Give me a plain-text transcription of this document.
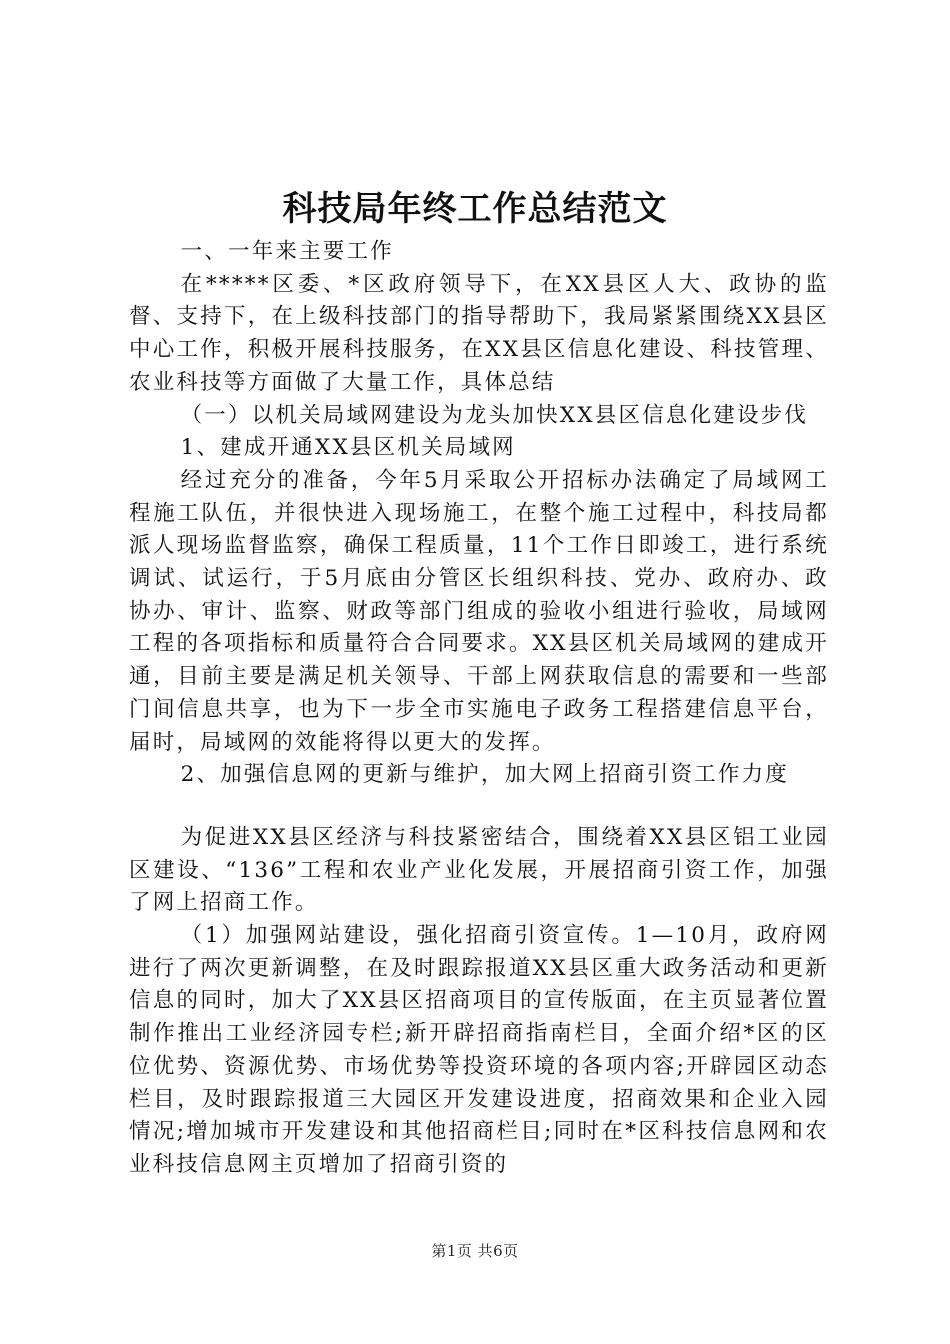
科技局年终工作总结范文

一、一年来主要工作

在*****区委、*区政府领导下，在XX县区人大、政协的监督、支持下，在上级科技部门的指导帮助下，我局紧紧围绕XX县区中心工作，积极开展科技服务，在XX县区信息化建设、科技管理、农业科技等方面做了大量工作，具体总结

（一）以机关局域网建设为龙头加快XX县区信息化建设步伐

1、建成开通XX县区机关局域网

经过充分的准备，今年5月采取公开招标办法确定了局域网工程施工队伍，并很快进入现场施工，在整个施工过程中，科技局都派人现场监督监察，确保工程质量，11个工作日即竣工，进行系统调试、试运行，于5月底由分管区长组织科技、党办、政府办、政协办、审计、监察、财政等部门组成的验收小组进行验收，局域网工程的各项指标和质量符合合同要求。XX县区机关局域网的建成开通，目前主要是满足机关领导、干部上网获取信息的需要和一些部门间信息共享，也为下一步全市实施电子政务工程搭建信息平台，届时，局域网的效能将得以更大的发挥。

2、加强信息网的更新与维护，加大网上招商引资工作力度

为促进XX县区经济与科技紧密结合，围绕着XX县区铝工业园区建设、“136”工程和农业产业化发展，开展招商引资工作，加强了网上招商工作。

（1）加强网站建设，强化招商引资宣传。1—10月，政府网进行了两次更新调整，在及时跟踪报道XX县区重大政务活动和更新信息的同时，加大了XX县区招商项目的宣传版面，在主页显著位置制作推出工业经济园专栏;新开辟招商指南栏目，全面介绍*区的区位优势、资源优势、市场优势等投资环境的各项内容;开辟园区动态栏目，及时跟踪报道三大园区开发建设进度，招商效果和企业入园情况;增加城市开发建设和其他招商栏目;同时在*区科技信息网和农业科技信息网主页增加了招商引资的

第1页 共6页
